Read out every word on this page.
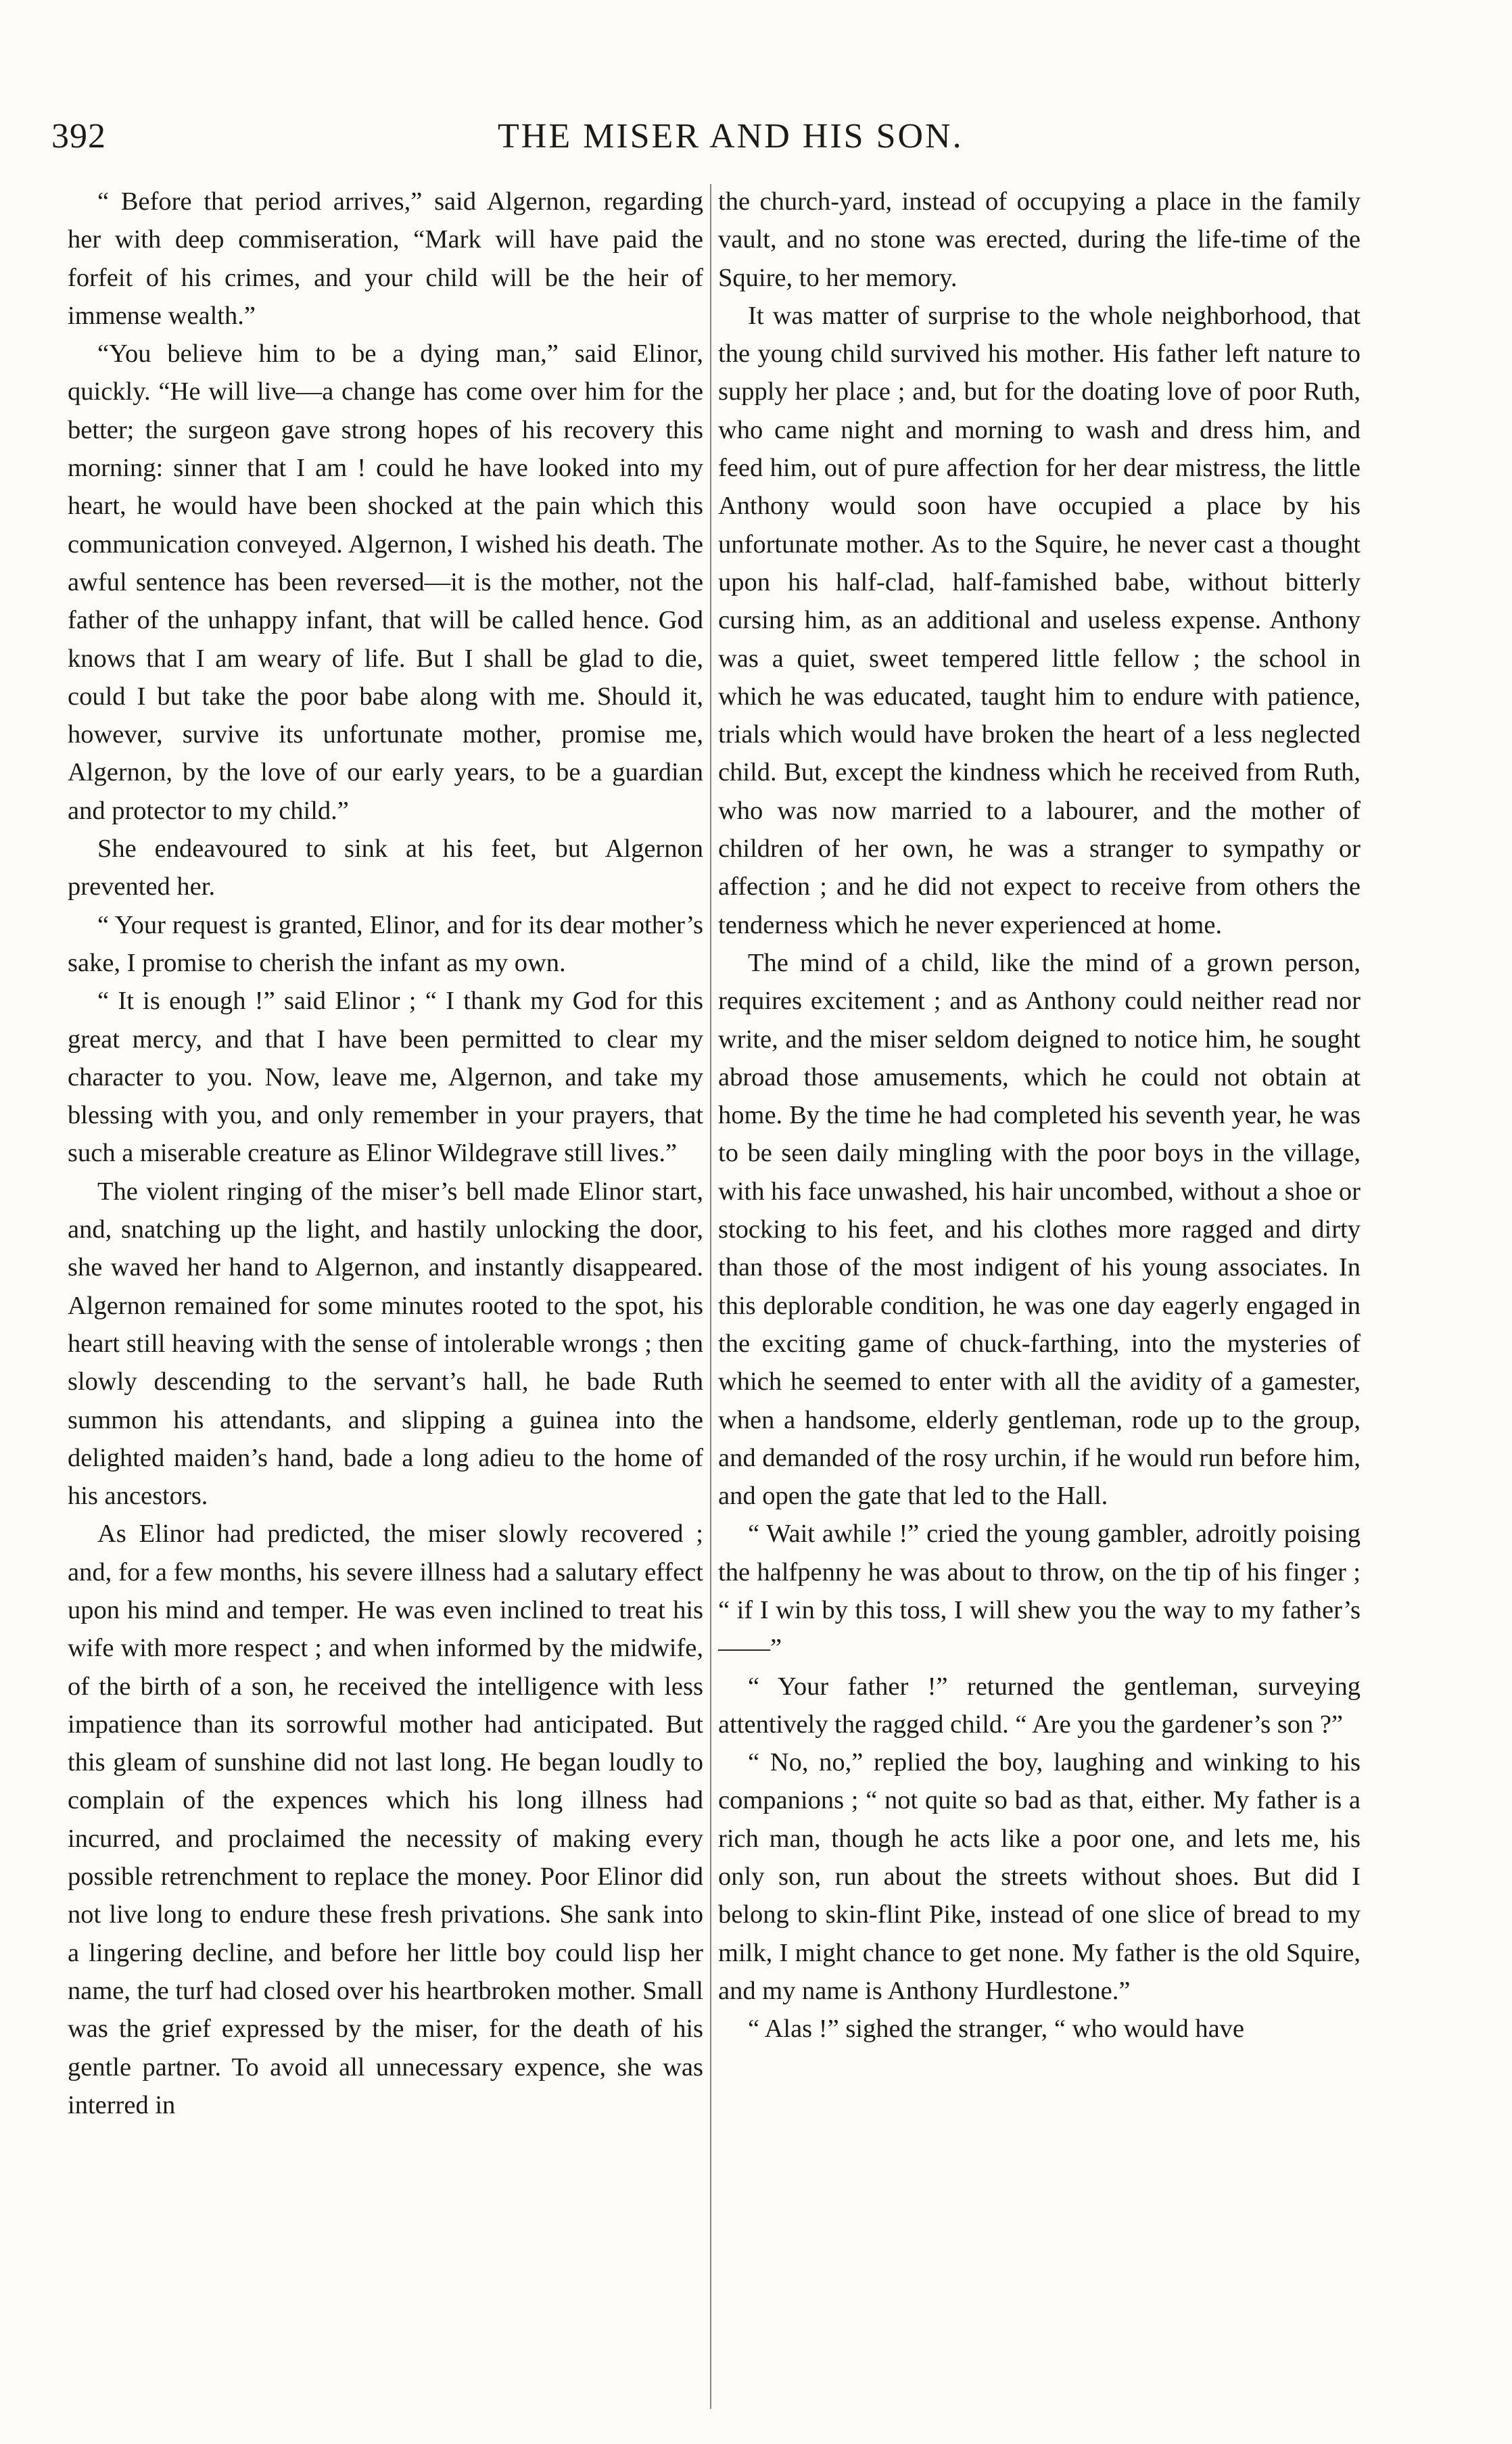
392	THE MISER AND HIS SON.

“ Before that period arrives,” said Algernon, regarding her with deep commiseration, “Mark will have paid the forfeit of his crimes, and your child will be the heir of immense wealth.”

“You believe him to be a dying man,” said Elinor, quickly. “He will live—a change has come over him for the better; the surgeon gave strong hopes of his recovery this morning: sinner that I am ! could he have looked into my heart, he would have been shocked at the pain which this communication conveyed. Algernon, I wished his death. The awful sentence has been reversed—it is the mother, not the father of the unhappy infant, that will be called hence. God knows that I am weary of life. But I shall be glad to die, could I but take the poor babe along with me. Should it, however, survive its unfortunate mother, promise me, Algernon, by the love of our early years, to be a guardian and protector to my child.”

She endeavoured to sink at his feet, but Algernon prevented her.

“ Your request is granted, Elinor, and for its dear mother’s sake, I promise to cherish the infant as my own.

“ It is enough !” said Elinor ; “ I thank my God for this great mercy, and that I have been permitted to clear my character to you. Now, leave me, Algernon, and take my blessing with you, and only remember in your prayers, that such a miserable creature as Elinor Wildegrave still lives.”

The violent ringing of the miser’s bell made Elinor start, and, snatching up the light, and hastily unlocking the door, she waved her hand to Algernon, and instantly disappeared. Algernon remained for some minutes rooted to the spot, his heart still heaving with the sense of intolerable wrongs ; then slowly descending to the servant’s hall, he bade Ruth summon his attendants, and slipping a guinea into the delighted maiden’s hand, bade a long adieu to the home of his ancestors.

As Elinor had predicted, the miser slowly recovered ; and, for a few months, his severe illness had a salutary effect upon his mind and temper. He was even inclined to treat his wife with more respect ; and when informed by the midwife, of the birth of a son, he received the intelligence with less impatience than its sorrowful mother had anticipated. But this gleam of sunshine did not last long. He began loudly to complain of the expences which his long illness had incurred, and proclaimed the necessity of making every possible retrenchment to replace the money. Poor Elinor did not live long to endure these fresh privations. She sank into a lingering decline, and before her little boy could lisp her name, the turf had closed over his heartbroken mother. Small was the grief expressed by the miser, for the death of his gentle partner. To avoid all unnecessary expence, she was interred in

the church-yard, instead of occupying a place in the family vault, and no stone was erected, during the life-time of the Squire, to her memory.

It was matter of surprise to the whole neighborhood, that the young child survived his mother. His father left nature to supply her place ; and, but for the doating love of poor Ruth, who came night and morning to wash and dress him, and feed him, out of pure affection for her dear mistress, the little Anthony would soon have occupied a place by his unfortunate mother. As to the Squire, he never cast a thought upon his half-clad, half-famished babe, without bitterly cursing him, as an additional and useless expense. Anthony was a quiet, sweet tempered little fellow ; the school in which he was educated, taught him to endure with patience, trials which would have broken the heart of a less neglected child. But, except the kindness which he received from Ruth, who was now married to a labourer, and the mother of children of her own, he was a stranger to sympathy or affection ; and he did not expect to receive from others the tenderness which he never experienced at home.

The mind of a child, like the mind of a grown person, requires excitement ; and as Anthony could neither read nor write, and the miser seldom deigned to notice him, he sought abroad those amusements, which he could not obtain at home. By the time he had completed his seventh year, he was to be seen daily mingling with the poor boys in the village, with his face unwashed, his hair uncombed, without a shoe or stocking to his feet, and his clothes more ragged and dirty than those of the most indigent of his young associates. In this deplorable condition, he was one day eagerly engaged in the exciting game of chuck-farthing, into the mysteries of which he seemed to enter with all the avidity of a gamester, when a handsome, elderly gentleman, rode up to the group, and demanded of the rosy urchin, if he would run before him, and open the gate that led to the Hall.

“ Wait awhile !” cried the young gambler, adroitly poising the halfpenny he was about to throw, on the tip of his finger ; “ if I win by this toss, I will shew you the way to my father’s ——”

“ Your father !” returned the gentleman, surveying attentively the ragged child. “ Are you the gardener’s son ?”

“ No, no,” replied the boy, laughing and winking to his companions ; “ not quite so bad as that, either. My father is a rich man, though he acts like a poor one, and lets me, his only son, run about the streets without shoes. But did I belong to skin-flint Pike, instead of one slice of bread to my milk, I might chance to get none. My father is the old Squire, and my name is Anthony Hurdlestone.”

“ Alas !” sighed the stranger, “ who would have
